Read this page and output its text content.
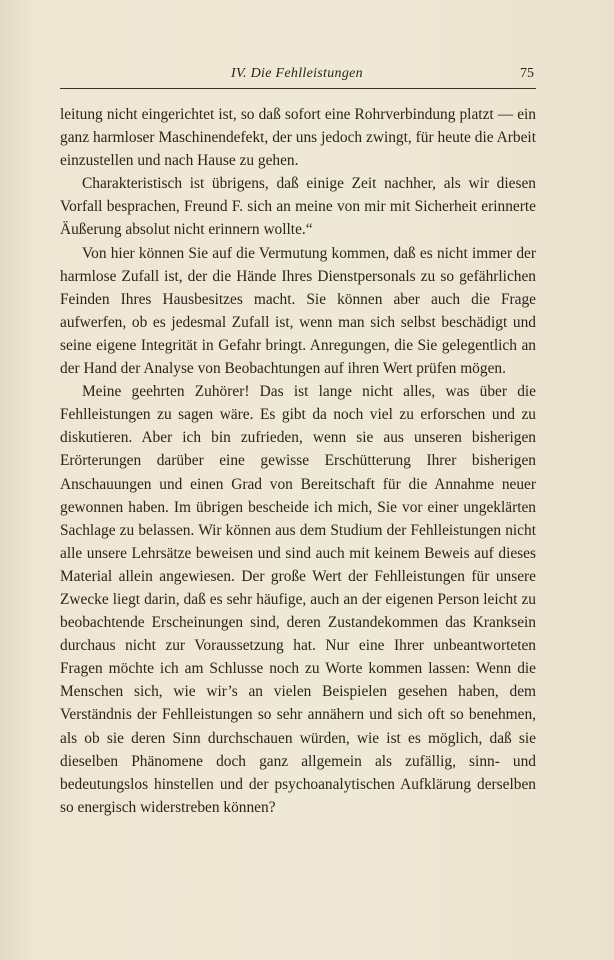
IV. Die Fehlleistungen	75

leitung nicht eingerichtet ist, so daß sofort eine Rohrverbindung platzt — ein ganz harmloser Maschinendefekt, der uns jedoch zwingt, für heute die Arbeit einzustellen und nach Hause zu gehen.

Charakteristisch ist übrigens, daß einige Zeit nachher, als wir diesen Vorfall besprachen, Freund F. sich an meine von mir mit Sicherheit erinnerte Äußerung absolut nicht erinnern wollte.“

Von hier können Sie auf die Vermutung kommen, daß es nicht immer der harmlose Zufall ist, der die Hände Ihres Dienstpersonals zu so gefährlichen Feinden Ihres Hausbesitzes macht. Sie können aber auch die Frage aufwerfen, ob es jedesmal Zufall ist, wenn man sich selbst beschädigt und seine eigene Integrität in Gefahr bringt. Anregungen, die Sie gelegentlich an der Hand der Analyse von Beobachtungen auf ihren Wert prüfen mögen.

Meine geehrten Zuhörer! Das ist lange nicht alles, was über die Fehlleistungen zu sagen wäre. Es gibt da noch viel zu erforschen und zu diskutieren. Aber ich bin zufrieden, wenn sie aus unseren bisherigen Erörterungen darüber eine gewisse Erschütterung Ihrer bisherigen Anschauungen und einen Grad von Bereitschaft für die Annahme neuer gewonnen haben. Im übrigen bescheide ich mich, Sie vor einer ungeklärten Sachlage zu belassen. Wir können aus dem Studium der Fehlleistungen nicht alle unsere Lehrsätze beweisen und sind auch mit keinem Beweis auf dieses Material allein angewiesen. Der große Wert der Fehlleistungen für unsere Zwecke liegt darin, daß es sehr häufige, auch an der eigenen Person leicht zu beobachtende Erscheinungen sind, deren Zustandekommen das Kranksein durchaus nicht zur Voraussetzung hat. Nur eine Ihrer unbeantworteten Fragen möchte ich am Schlusse noch zu Worte kommen lassen: Wenn die Menschen sich, wie wir’s an vielen Beispielen gesehen haben, dem Verständnis der Fehlleistungen so sehr annähern und sich oft so benehmen, als ob sie deren Sinn durchschauen würden, wie ist es möglich, daß sie dieselben Phänomene doch ganz allgemein als zufällig, sinn- und bedeutungslos hinstellen und der psychoanalytischen Aufklärung derselben so energisch widerstreben können?
